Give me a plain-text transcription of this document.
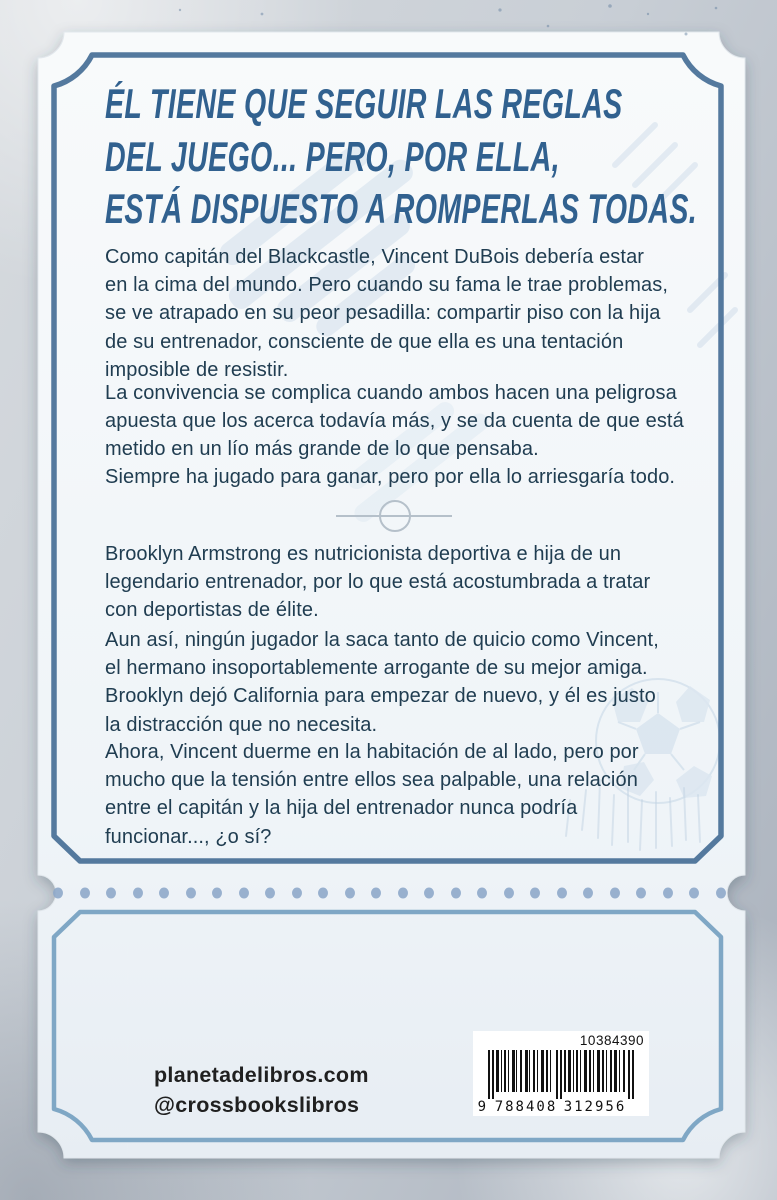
ÉL TIENE QUE SEGUIR LAS REGLAS
DEL JUEGO... PERO, POR ELLA,
ESTÁ DISPUESTO A ROMPERLAS TODAS.
Como capitán del Blackcastle, Vincent DuBois debería estar
en la cima del mundo. Pero cuando su fama le trae problemas,
se ve atrapado en su peor pesadilla: compartir piso con la hija
de su entrenador, consciente de que ella es una tentación
imposible de resistir.
La convivencia se complica cuando ambos hacen una peligrosa
apuesta que los acerca todavía más, y se da cuenta de que está
metido en un lío más grande de lo que pensaba.
Siempre ha jugado para ganar, pero por ella lo arriesgaría todo.
Brooklyn Armstrong es nutricionista deportiva e hija de un
legendario entrenador, por lo que está acostumbrada a tratar
con deportistas de élite.
Aun así, ningún jugador la saca tanto de quicio como Vincent,
el hermano insoportablemente arrogante de su mejor amiga.
Brooklyn dejó California para empezar de nuevo, y él es justo
la distracción que no necesita.
Ahora, Vincent duerme en la habitación de al lado, pero por
mucho que la tensión entre ellos sea palpable, una relación
entre el capitán y la hija del entrenador nunca podría
funcionar..., ¿o sí?
planetadelibros.com
@crossbookslibros
10384390
9 788408 312956
